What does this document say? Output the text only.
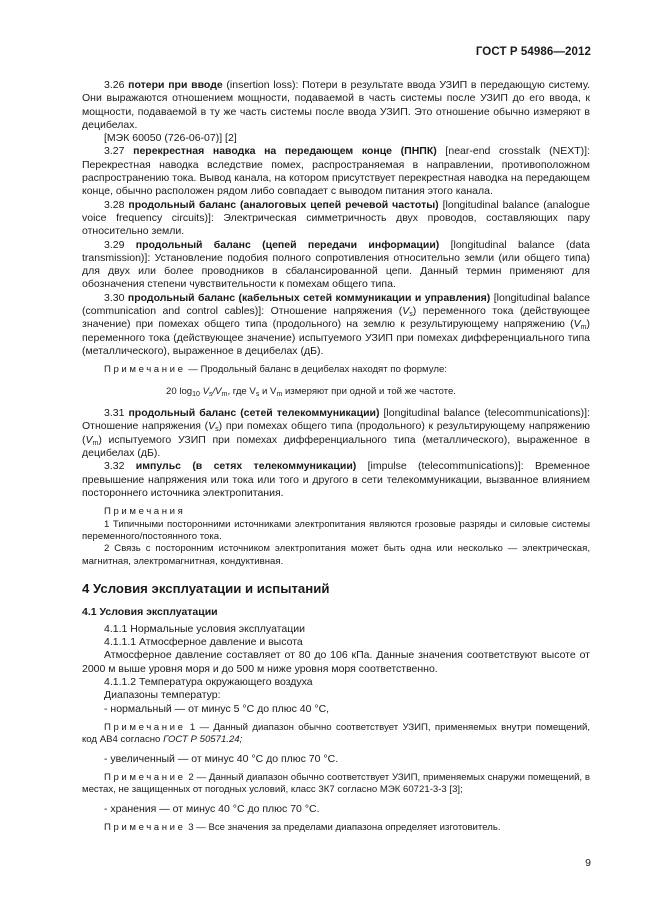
ГОСТ Р 54986—2012

3.26 потери при вводе (insertion loss): Потери в результате ввода УЗИП в передающую систему. Они выражаются отношением мощности, подаваемой в часть системы после УЗИП до его ввода, к мощности, подаваемой в ту же часть системы после ввода УЗИП. Это отношение обычно измеряют в децибелах.

[МЭК 60050 (726-06-07)] [2]

3.27 перекрестная наводка на передающем конце (ПНПК) [near-end crosstalk (NEXT)]: Перекрестная наводка вследствие помех, распространяемая в направлении, противоположном распространению тока. Вывод канала, на котором присутствует перекрестная наводка на передающем конце, обычно расположен рядом либо совпадает с выводом питания этого канала.

3.28 продольный баланс (аналоговых цепей речевой частоты) [longitudinal balance (analogue voice frequency circuits)]: Электрическая симметричность двух проводов, составляющих пару относительно земли.

3.29 продольный баланс (цепей передачи информации) [longitudinal balance (data transmission)]: Установление подобия полного сопротивления относительно земли (или общего типа) для двух или более проводников в сбалансированной цепи. Данный термин применяют для обозначения степени чувствительности к помехам общего типа.

3.30 продольный баланс (кабельных сетей коммуникации и управления) [longitudinal balance (communication and control cables)]: Отношение напряжения $(V_s)$ переменного тока (действующее значение) при помехах общего типа (продольного) на землю к результирующему напряжению $(V_m)$ переменного тока (действующее значение) испытуемого УЗИП при помехах дифференциального типа (металлического), выраженное в децибелах (дБ).

Примечание — Продольный баланс в децибелах находят по формуле:

20 $\log_{10} V_s/V_m$, где $V_s$ и $V_m$ измеряют при одной и той же частоте.

3.31 продольный баланс (сетей телекоммуникации) [longitudinal balance (telecommunications)]: Отношение напряжения $(V_s)$ при помехах общего типа (продольного) к результирующему напряжению $(V_m)$ испытуемого УЗИП при помехах дифференциального типа (металлического), выраженное в децибелах (дБ).

3.32 импульс (в сетях телекоммуникации) [impulse (telecommunications)]: Временное превышение напряжения или тока или того и другого в сети телекоммуникации, вызванное влиянием постороннего источника электропитания.

Примечания

1 Типичными посторонними источниками электропитания являются грозовые разряды и силовые системы переменного/постоянного тока.

2 Связь с посторонним источником электропитания может быть одна или несколько — электрическая, магнитная, электромагнитная, кондуктивная.

4 Условия эксплуатации и испытаний

4.1 Условия эксплуатации

4.1.1 Нормальные условия эксплуатации

4.1.1.1 Атмосферное давление и высота

Атмосферное давление составляет от 80 до 106 кПа. Данные значения соответствуют высоте от 2000 м выше уровня моря и до 500 м ниже уровня моря соответственно.

4.1.1.2 Температура окружающего воздуха

Диапазоны температур:

- нормальный — от минус 5 °С до плюс 40 °С,

Примечание 1 — Данный диапазон обычно соответствует УЗИП, применяемых внутри помещений, код АВ4 согласно ГОСТ Р 50571.24;

- увеличенный — от минус 40 °С до плюс 70 °С.

Примечание 2 — Данный диапазон обычно соответствует УЗИП, применяемых снаружи помещений, в местах, не защищенных от погодных условий, класс 3К7 согласно МЭК 60721-3-3 [3];

- хранения — от минус 40 °С до плюс 70 °С.

Примечание 3 — Все значения за пределами диапазона определяет изготовитель.

9
